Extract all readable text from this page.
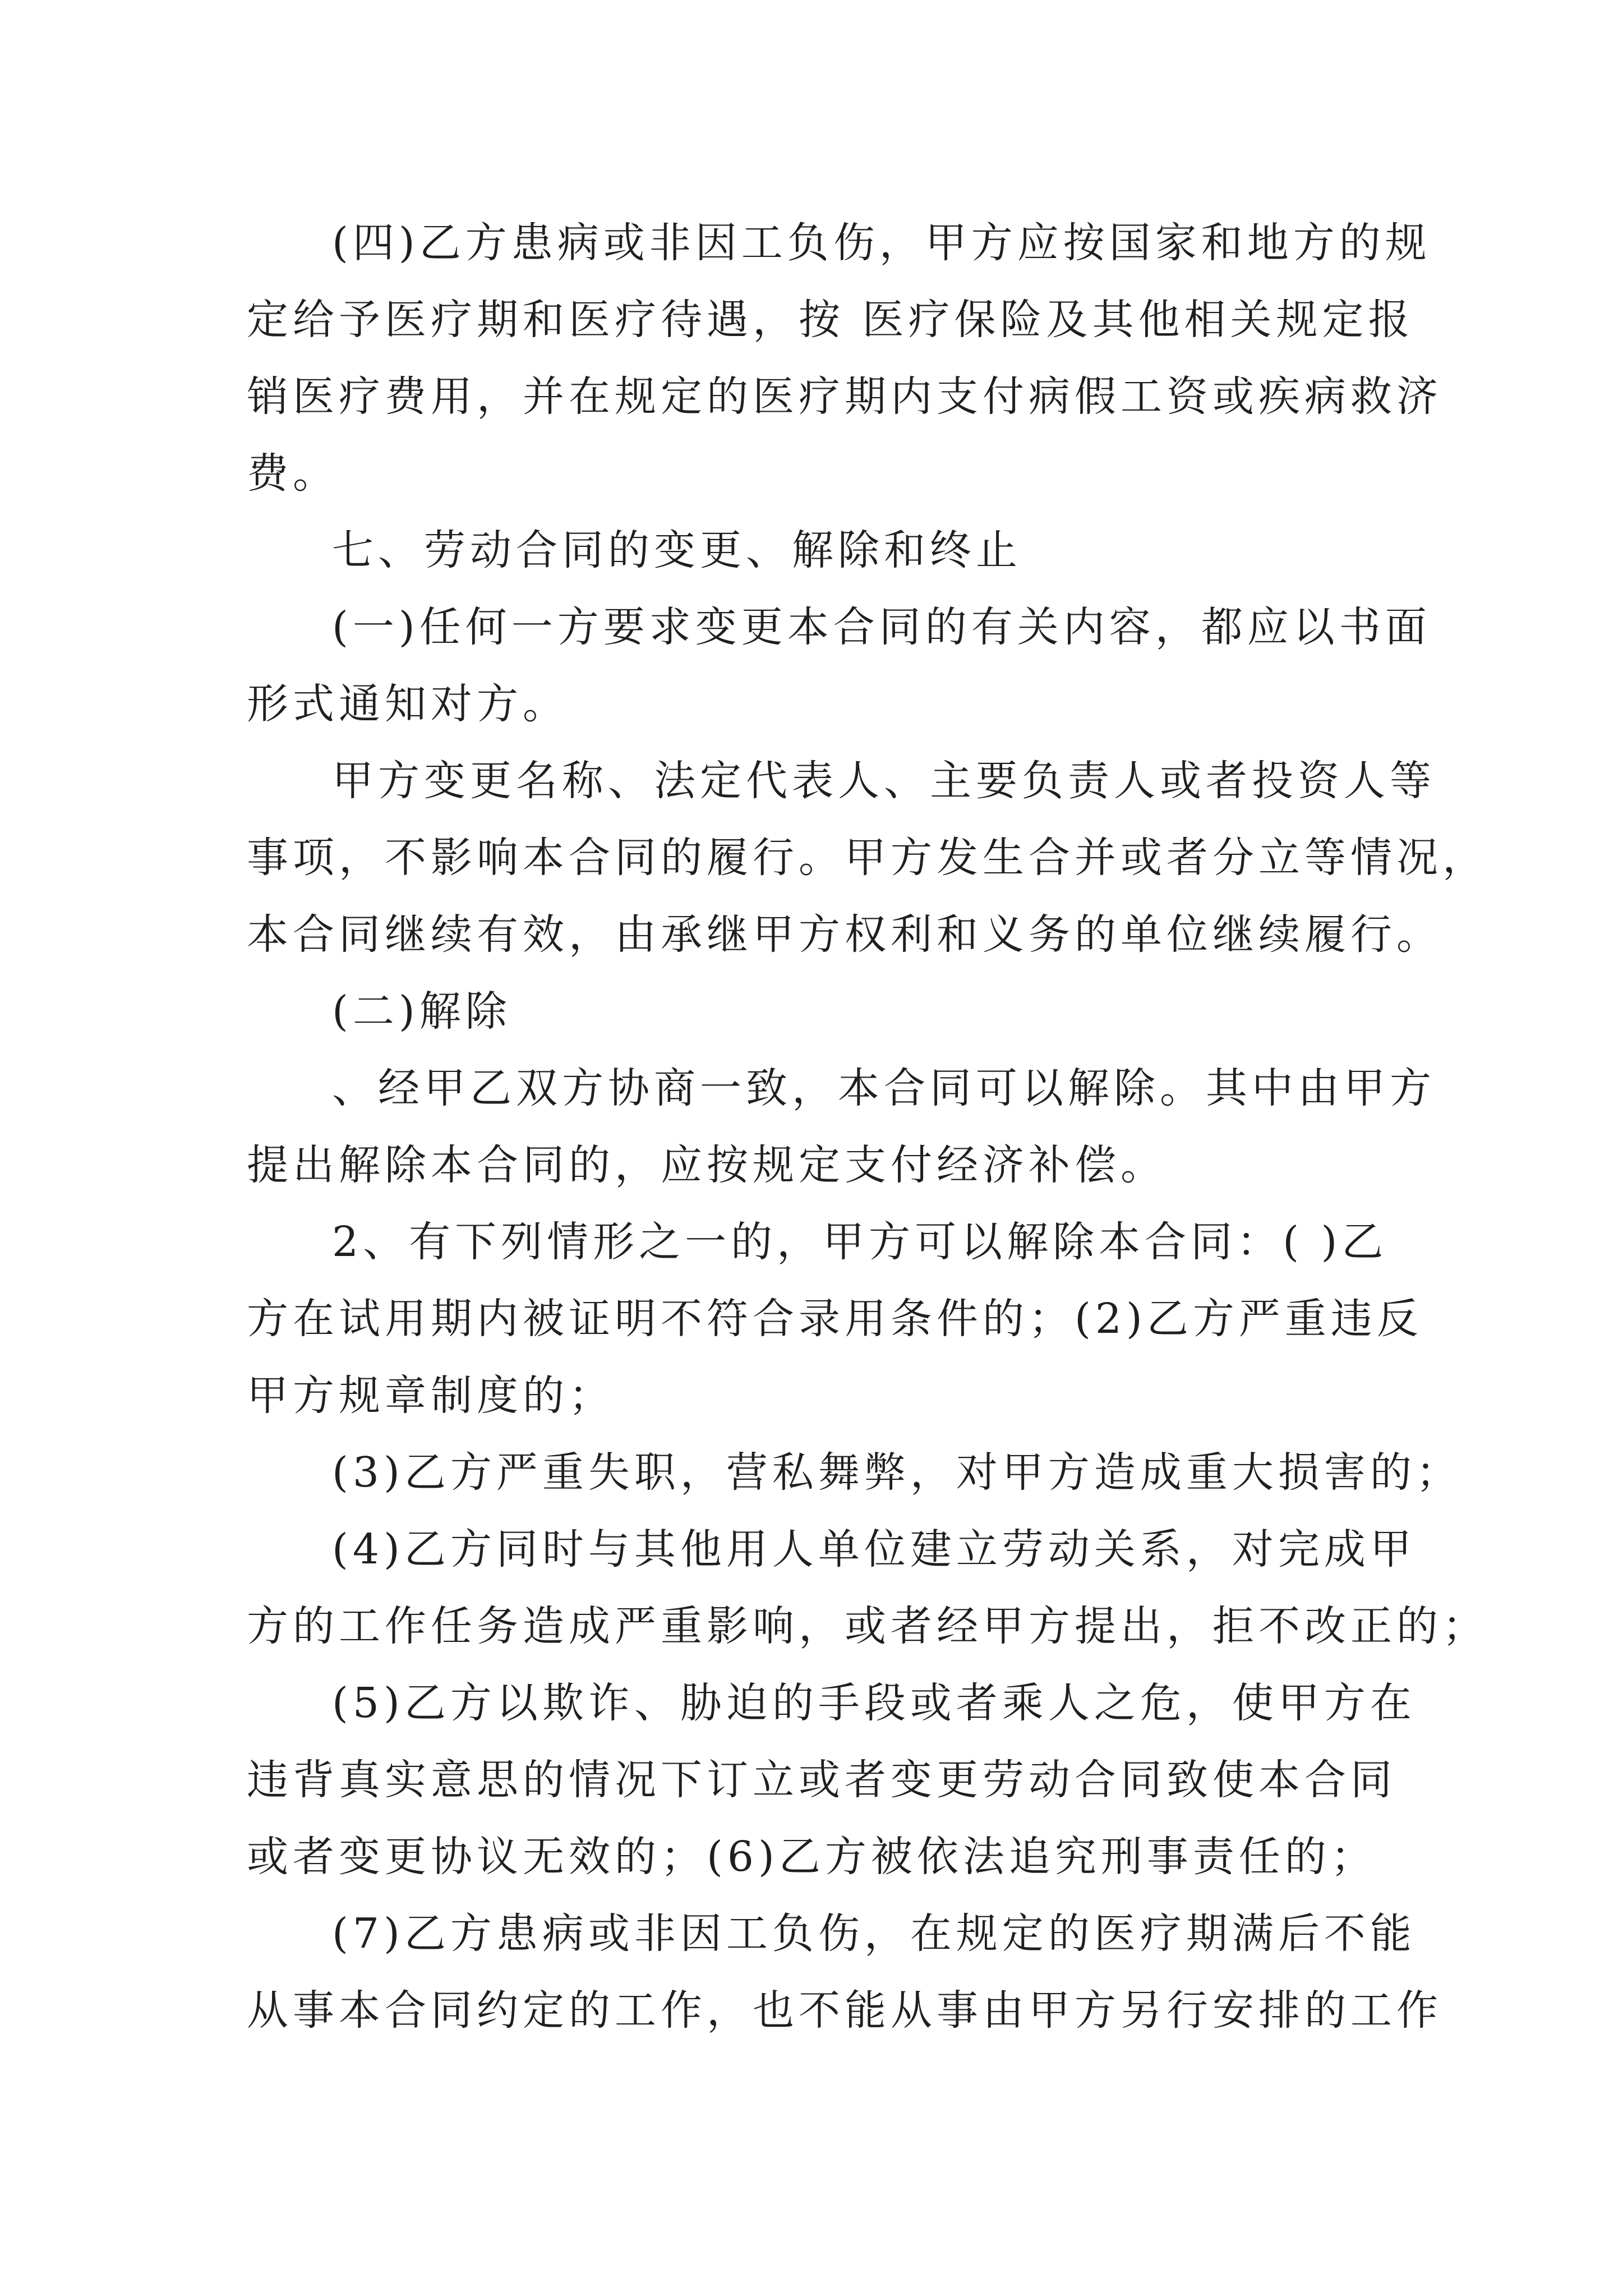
(四)乙方患病或非因工负伤，甲方应按国家和地方的规
定给予医疗期和医疗待遇，按 医疗保险及其他相关规定报
销医疗费用，并在规定的医疗期内支付病假工资或疾病救济
费。
七、劳动合同的变更、解除和终止
(一)任何一方要求变更本合同的有关内容，都应以书面
形式通知对方。
甲方变更名称、法定代表人、主要负责人或者投资人等
事项，不影响本合同的履行。甲方发生合并或者分立等情况，
本合同继续有效，由承继甲方权利和义务的单位继续履行。
(二)解除
、经甲乙双方协商一致，本合同可以解除。其中由甲方
提出解除本合同的，应按规定支付经济补偿。
2、有下列情形之一的，甲方可以解除本合同：( )乙
方在试用期内被证明不符合录用条件的；(2)乙方严重违反
甲方规章制度的；
(3)乙方严重失职，营私舞弊，对甲方造成重大损害的；
(4)乙方同时与其他用人单位建立劳动关系，对完成甲
方的工作任务造成严重影响，或者经甲方提出，拒不改正的；
(5)乙方以欺诈、胁迫的手段或者乘人之危，使甲方在
违背真实意思的情况下订立或者变更劳动合同致使本合同
或者变更协议无效的；(6)乙方被依法追究刑事责任的；
(7)乙方患病或非因工负伤，在规定的医疗期满后不能
从事本合同约定的工作，也不能从事由甲方另行安排的工作
